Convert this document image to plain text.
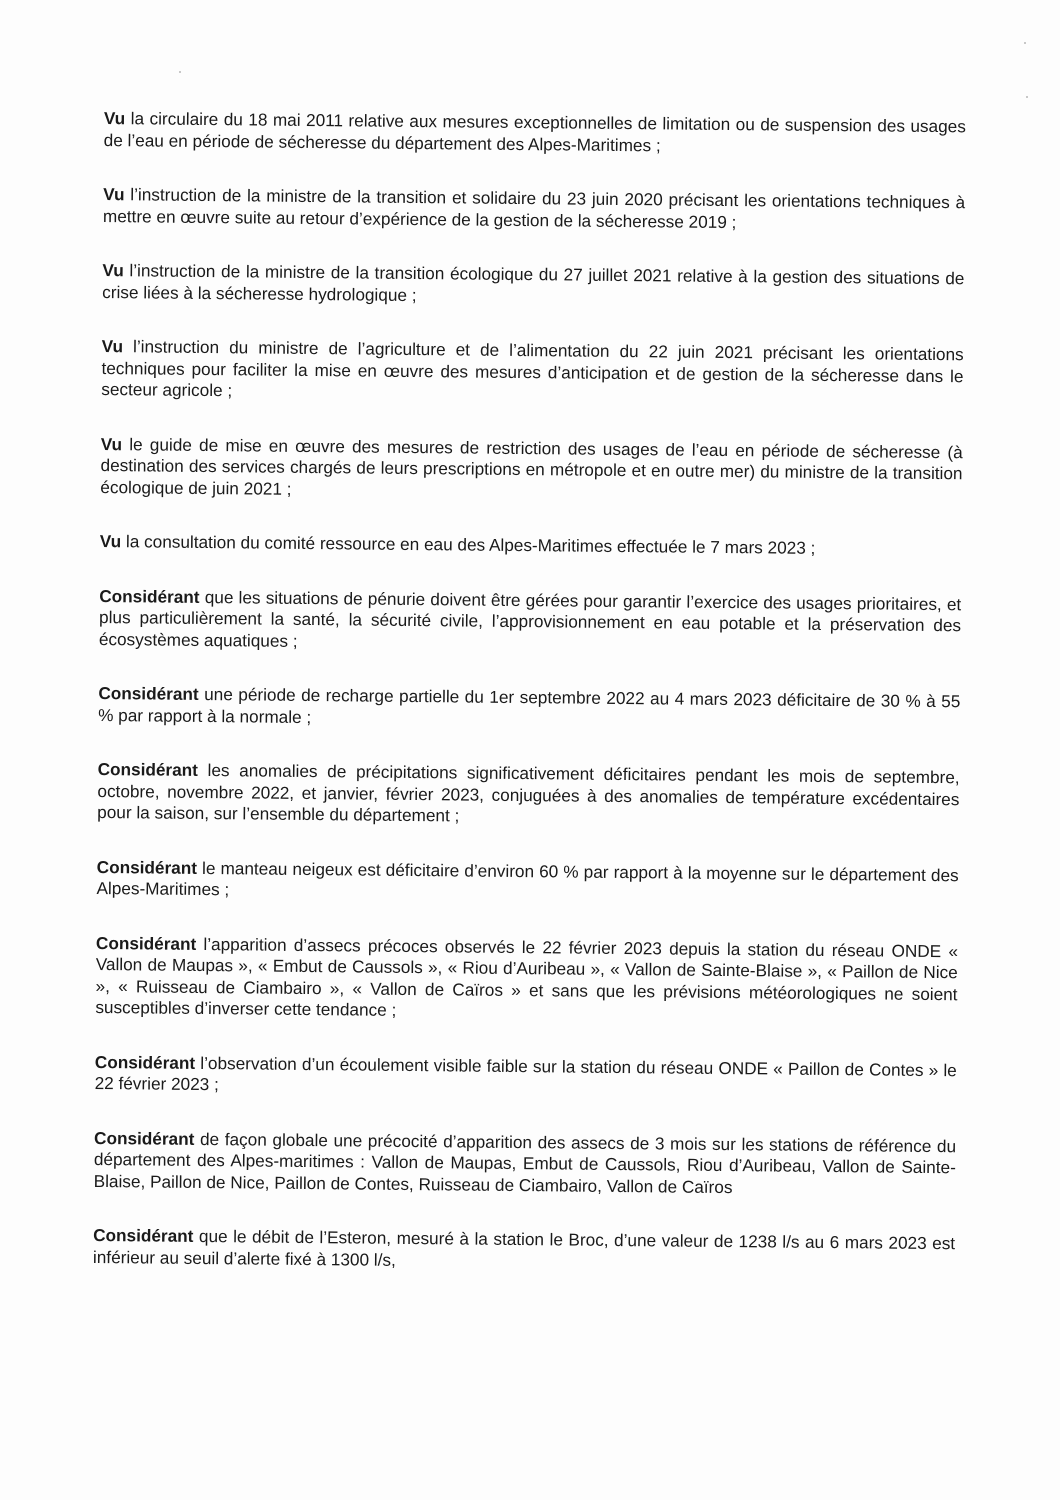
Vu la circulaire du 18 mai 2011 relative aux mesures exceptionnelles de limitation ou de suspension des usages de l’eau en période de sécheresse du département des Alpes-Maritimes ;

Vu l’instruction de la ministre de la transition et solidaire du 23 juin 2020 précisant les orientations techniques à mettre en œuvre suite au retour d’expérience de la gestion de la sécheresse 2019 ;

Vu l’instruction de la ministre de la transition écologique du 27 juillet 2021 relative à la gestion des situations de crise liées à la sécheresse hydrologique ;

Vu l’instruction du ministre de l’agriculture et de l’alimentation du 22 juin 2021 précisant les orientations techniques pour faciliter la mise en œuvre des mesures d’anticipation et de gestion de la sécheresse dans le secteur agricole ;

Vu le guide de mise en œuvre des mesures de restriction des usages de l’eau en période de sécheresse (à destination des services chargés de leurs prescriptions en métropole et en outre mer) du ministre de la transition écologique de juin 2021 ;

Vu la consultation du comité ressource en eau des Alpes-Maritimes effectuée le 7 mars 2023 ;

Considérant que les situations de pénurie doivent être gérées pour garantir l’exercice des usages prioritaires, et plus particulièrement la santé, la sécurité civile, l’approvisionnement en eau potable et la préservation des écosystèmes aquatiques ;

Considérant une période de recharge partielle du 1er septembre 2022 au 4 mars 2023 déficitaire de 30 % à 55 % par rapport à la normale ;

Considérant les anomalies de précipitations significativement déficitaires pendant les mois de septembre, octobre, novembre 2022, et janvier, février 2023, conjuguées à des anomalies de température excédentaires pour la saison, sur l’ensemble du département ;

Considérant le manteau neigeux est déficitaire d’environ 60 % par rapport à la moyenne sur le département des Alpes-Maritimes ;

Considérant l’apparition d’assecs précoces observés le 22 février 2023 depuis la station du réseau ONDE « Vallon de Maupas », « Embut de Caussols », « Riou d’Auribeau », « Vallon de Sainte-Blaise », « Paillon de Nice », « Ruisseau de Ciambairo », « Vallon de Caïros » et sans que les prévisions météorologiques ne soient susceptibles d’inverser cette tendance ;

Considérant l’observation d’un écoulement visible faible sur la station du réseau ONDE « Paillon de Contes » le 22 février 2023 ;

Considérant de façon globale une précocité d’apparition des assecs de 3 mois sur les stations de référence du département des Alpes-maritimes : Vallon de Maupas, Embut de Caussols, Riou d’Auribeau, Vallon de Sainte-Blaise, Paillon de Nice, Paillon de Contes, Ruisseau de Ciambairo, Vallon de Caïros

Considérant que le débit de l’Esteron, mesuré à la station le Broc, d’une valeur de 1238 l/s au 6 mars 2023 est inférieur au seuil d’alerte fixé à 1300 l/s,
